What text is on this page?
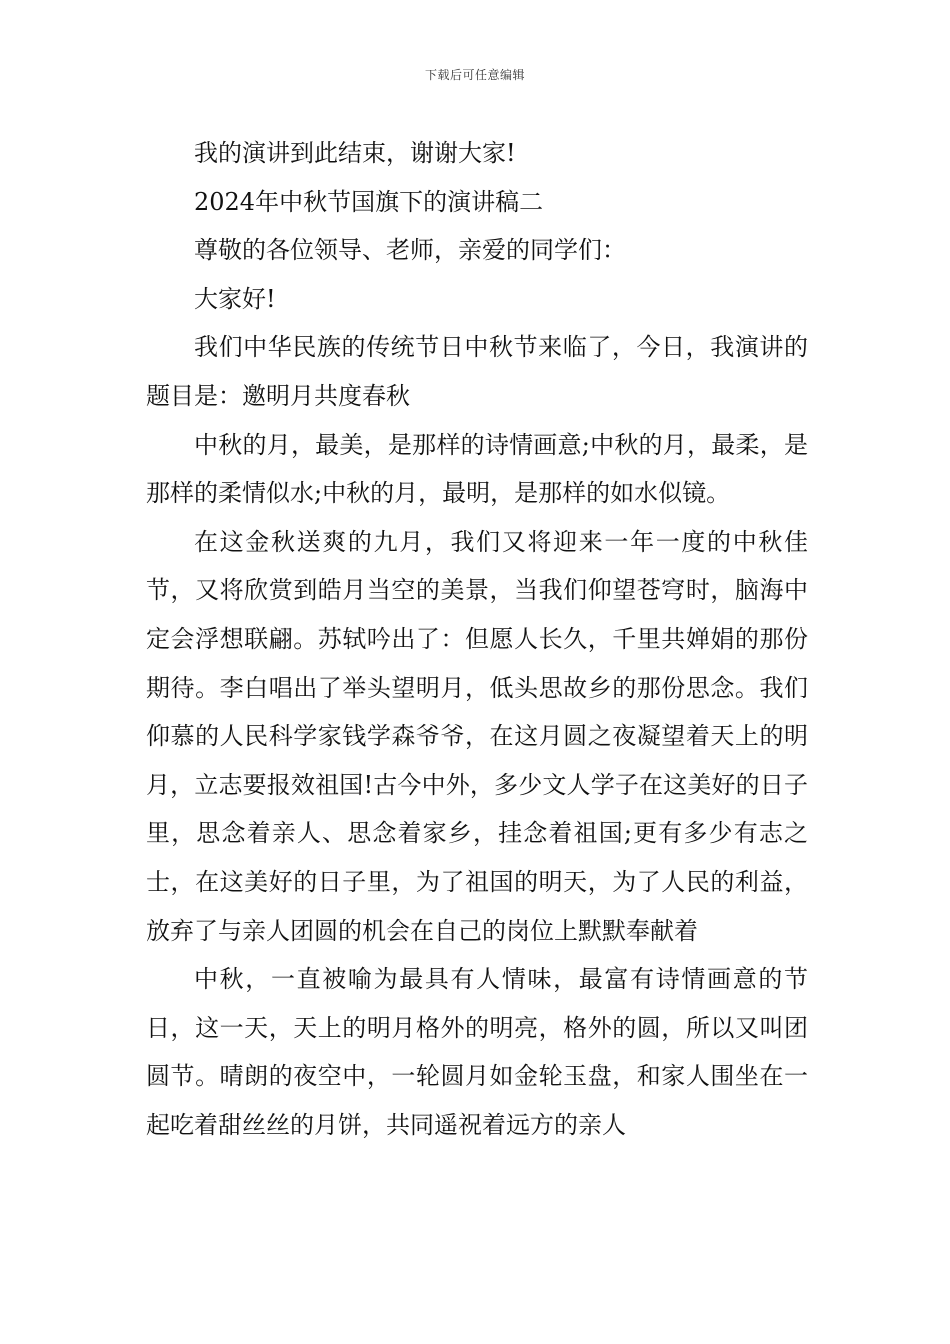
下载后可任意编辑

我的演讲到此结束，谢谢大家!

2024年中秋节国旗下的演讲稿二

尊敬的各位领导、老师，亲爱的同学们：

大家好!

我们中华民族的传统节日中秋节来临了，今日，我演讲的题目是：邀明月共度春秋

中秋的月，最美，是那样的诗情画意;中秋的月，最柔，是那样的柔情似水;中秋的月，最明，是那样的如水似镜。

在这金秋送爽的九月，我们又将迎来一年一度的中秋佳节，又将欣赏到皓月当空的美景，当我们仰望苍穹时，脑海中定会浮想联翩。苏轼吟出了：但愿人长久，千里共婵娟的那份期待。李白唱出了举头望明月，低头思故乡的那份思念。我们仰慕的人民科学家钱学森爷爷，在这月圆之夜凝望着天上的明月，立志要报效祖国!古今中外，多少文人学子在这美好的日子里，思念着亲人、思念着家乡，挂念着祖国;更有多少有志之士，在这美好的日子里，为了祖国的明天，为了人民的利益，放弃了与亲人团圆的机会在自己的岗位上默默奉献着

中秋，一直被喻为最具有人情味，最富有诗情画意的节日，这一天，天上的明月格外的明亮，格外的圆，所以又叫团圆节。晴朗的夜空中，一轮圆月如金轮玉盘，和家人围坐在一起吃着甜丝丝的月饼，共同遥祝着远方的亲人
